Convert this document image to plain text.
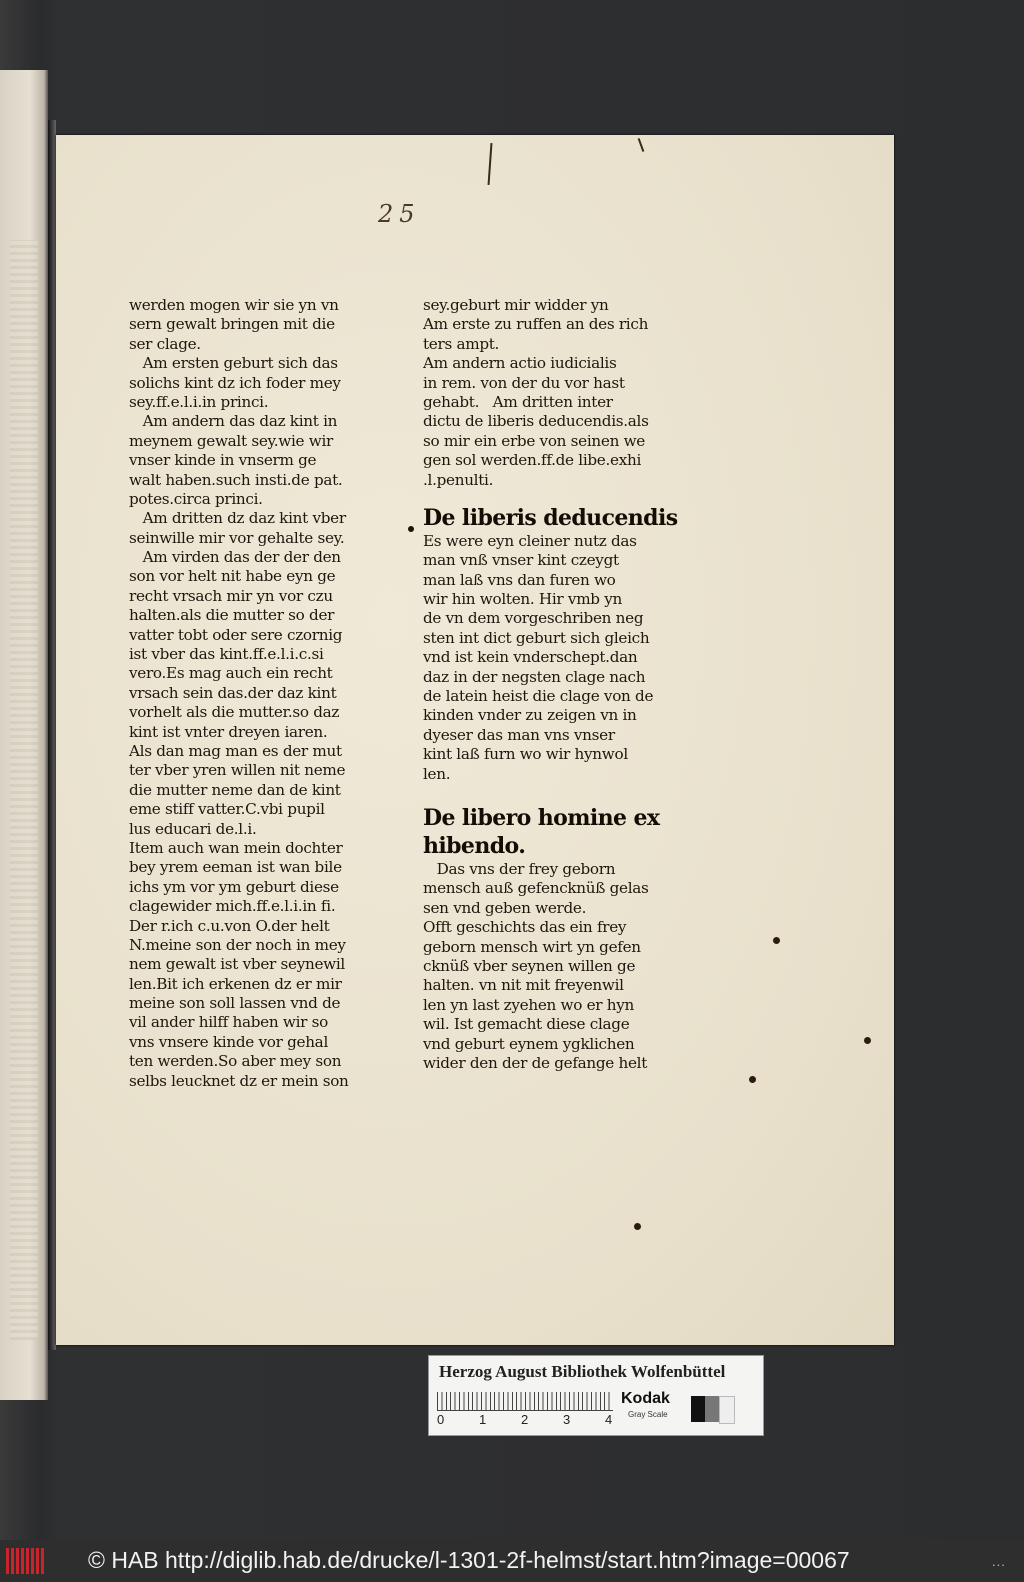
25
werden mogen wir sie yn vn
sern gewalt bringen mit die
ser clage.
Am ersten geburt sich das
solichs kint dz ich foder mey
sey.ff.e.l.i.in princi.
Am andern das daz kint in
meynem gewalt sey.wie wir
vnser kinde in vnserm ge
walt haben.such insti.de pat.
potes.circa princi.
Am dritten dz daz kint vber
seinwille mir vor gehalte sey.
Am virden das der der den
son vor helt nit habe eyn ge
recht vrsach mir yn vor czu
halten.als die mutter so der
vatter tobt oder sere czornig
ist vber das kint.ff.e.l.i.c.si
vero.Es mag auch ein recht
vrsach sein das.der daz kint
vorhelt als die mutter.so daz
kint ist vnter dreyen iaren.
Als dan mag man es der mut
ter vber yren willen nit neme
die mutter neme dan de kint
eme stiff vatter.C.vbi pupil
lus educari de.l.i.
Item auch wan mein dochter
bey yrem eeman ist wan bile
ichs ym vor ym geburt diese
clagewider mich.ff.e.l.i.in fi.
Der r.ich c.u.von O.der helt
N.meine son der noch in mey
nem gewalt ist vber seynewil
len.Bit ich erkenen dz er mir
meine son soll lassen vnd de
vil ander hilff haben wir so
vns vnsere kinde vor gehal
ten werden.So aber mey son
selbs leucknet dz er mein son
sey.geburt mir widder yn
Am erste zu ruffen an des rich
ters ampt.
Am andern actio iudicialis
in rem. von der du vor hast
gehabt.   Am dritten inter
dictu de liberis deducendis.als
so mir ein erbe von seinen we
gen sol werden.ff.de libe.exhi
.l.penulti.
De liberis deducendis
Es were eyn cleiner nutz das
man vnß vnser kint czeygt
man laß vns dan furen wo
wir hin wolten. Hir vmb yn
de vn dem vorgeschriben neg
sten int dict geburt sich gleich
vnd ist kein vnderschept.dan
daz in der negsten clage nach
de latein heist die clage von de
kinden vnder zu zeigen vn in
dyeser das man vns vnser
kint laß furn wo wir hynwol
len.
De libero homine ex
hibendo.
Das vns der frey geborn
mensch auß gefencknüß gelas
sen vnd geben werde.
Offt geschichts das ein frey
geborn mensch wirt yn gefen
cknüß vber seynen willen ge
halten. vn nit mit freyenwil
len yn last zyehen wo er hyn
wil. Ist gemacht diese clage
vnd geburt eynem ygklichen
wider den der de gefange helt
Herzog August Bibliothek Wolfenbüttel
0	1	2	3	4
Kodak
Gray Scale
© HAB http://diglib.hab.de/drucke/l-1301-2f-helmst/start.htm?image=00067	...
